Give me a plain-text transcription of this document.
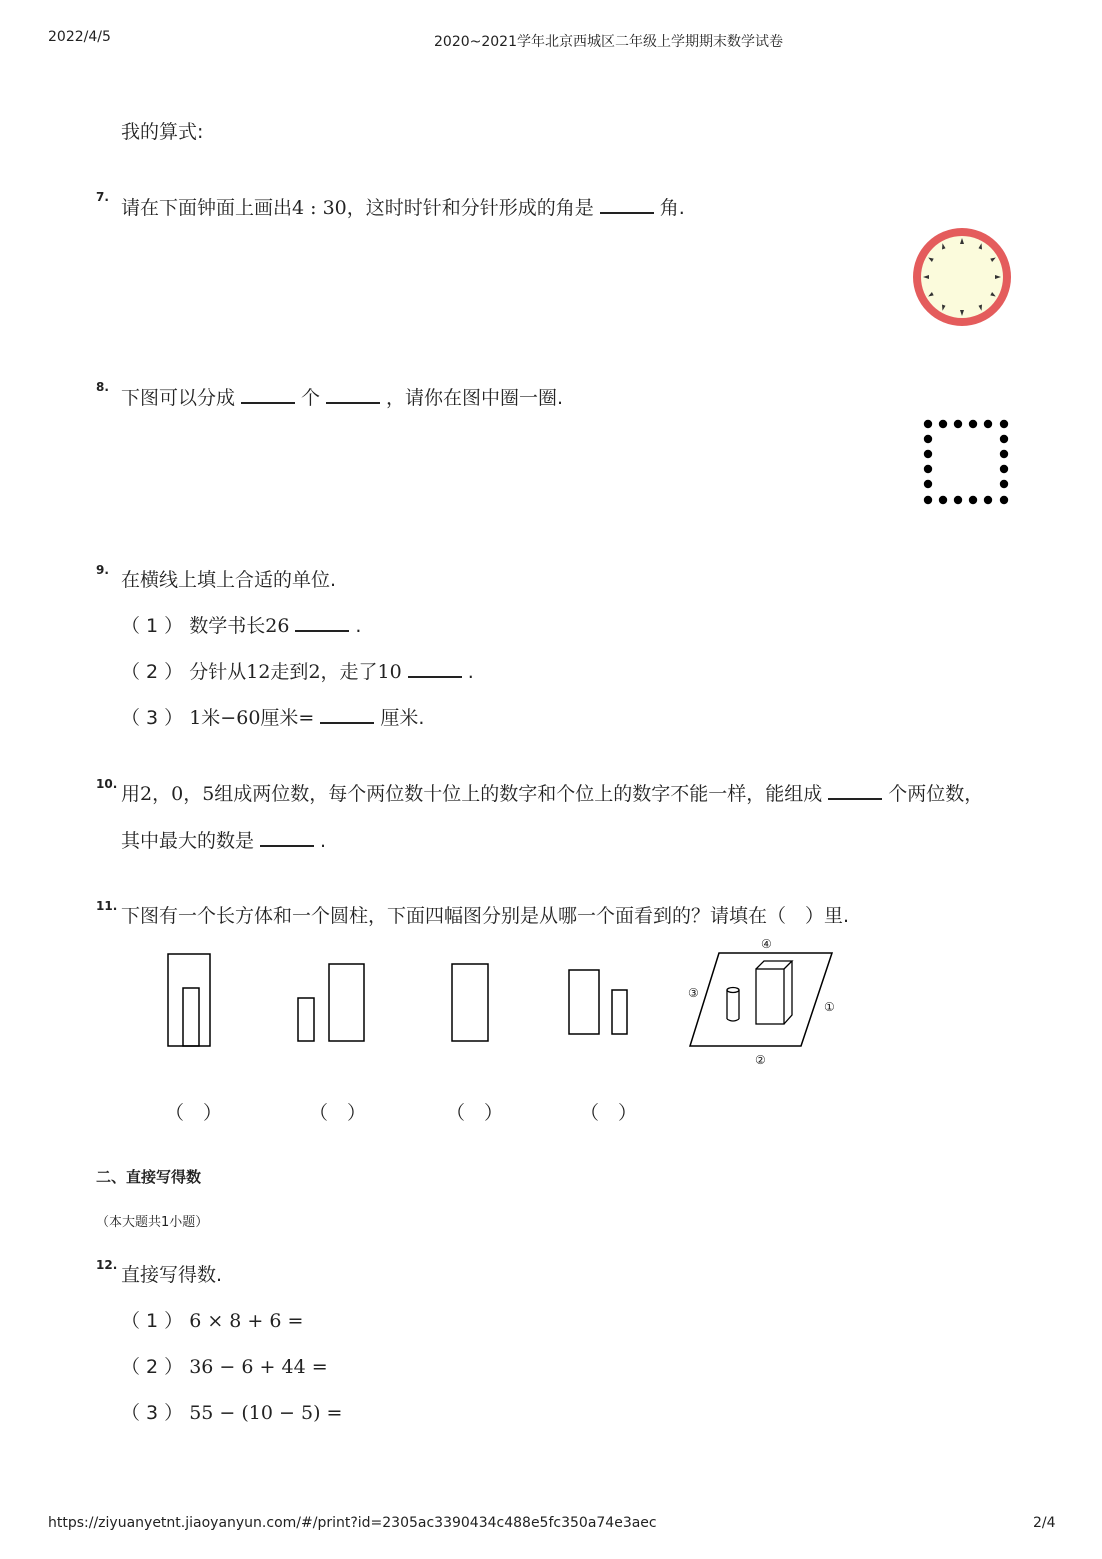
2022/4/5	2020~2021学年北京西城区二年级上学期期末数学试卷
我的算式:
7. 请在下面钟面上画出4 : 30，这时时针和分针形成的角是	角.
8. 下图可以分成	个	，请你在图中圈一圈.
9. 在横线上填上合适的单位.
（ 1 ） 数学书长26	.
（ 2 ） 分针从12走到2，走了10	.
（ 3 ） 1米−60厘米=	厘米.
10. 用2，0，5组成两位数，每个两位数十位上的数字和个位上的数字不能一样，能组成	个两位数，
其中最大的数是	.
11. 下图有一个长方体和一个圆柱，下面四幅图分别是从哪一个面看到的？请填在（　）里.
④
③
①
②
（　）	（　）	（　）	（　）
二、直接写得数
（本大题共1小题）
12. 直接写得数.
（ 1 ） 6 × 8 + 6 =
（ 2 ） 36 − 6 + 44 =
（ 3 ） 55 − (10 − 5) =
https://ziyuanyetnt.jiaoyanyun.com/#/print?id=2305ac3390434c488e5fc350a74e3aec	2/4
